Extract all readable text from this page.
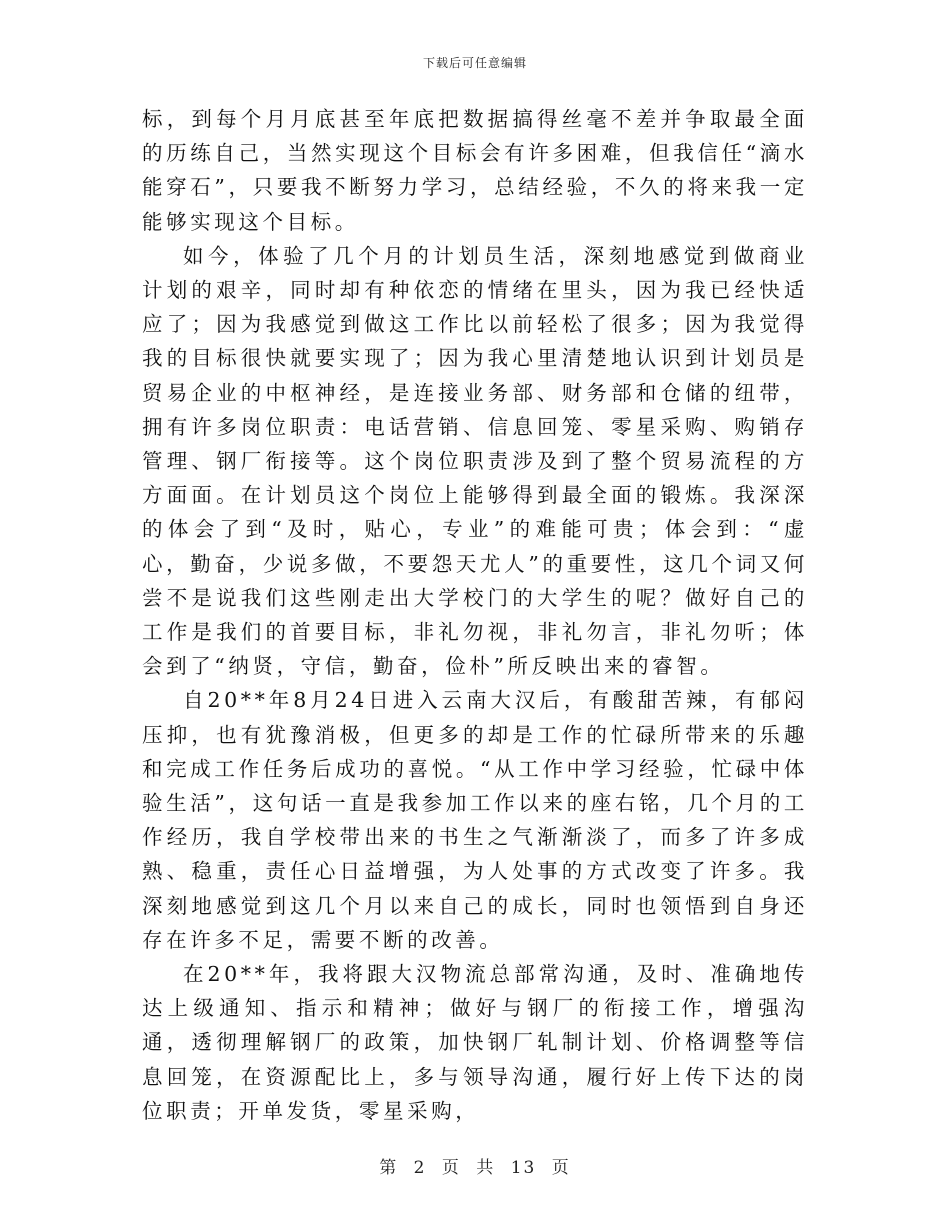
下载后可任意编辑

标，到每个月月底甚至年底把数据搞得丝毫不差并争取最全面的历练自己，当然实现这个目标会有许多困难，但我信任“滴水能穿石”，只要我不断努力学习，总结经验，不久的将来我一定能够实现这个目标。

如今，体验了几个月的计划员生活，深刻地感觉到做商业计划的艰辛，同时却有种依恋的情绪在里头，因为我已经快适应了；因为我感觉到做这工作比以前轻松了很多；因为我觉得我的目标很快就要实现了；因为我心里清楚地认识到计划员是贸易企业的中枢神经，是连接业务部、财务部和仓储的纽带，拥有许多岗位职责：电话营销、信息回笼、零星采购、购销存管理、钢厂衔接等。这个岗位职责涉及到了整个贸易流程的方方面面。在计划员这个岗位上能够得到最全面的锻炼。我深深的体会了到“及时，贴心，专业”的难能可贵；体会到：“虚心，勤奋，少说多做，不要怨天尤人”的重要性，这几个词又何尝不是说我们这些刚走出大学校门的大学生的呢？做好自己的工作是我们的首要目标，非礼勿视，非礼勿言，非礼勿听；体会到了“纳贤，守信，勤奋，俭朴”所反映出来的睿智。

自20**年8月24日进入云南大汉后，有酸甜苦辣，有郁闷压抑，也有犹豫消极，但更多的却是工作的忙碌所带来的乐趣和完成工作任务后成功的喜悦。“从工作中学习经验，忙碌中体验生活”，这句话一直是我参加工作以来的座右铭，几个月的工作经历，我自学校带出来的书生之气渐渐淡了，而多了许多成熟、稳重，责任心日益增强，为人处事的方式改变了许多。我深刻地感觉到这几个月以来自己的成长，同时也领悟到自身还存在许多不足，需要不断的改善。

在20**年，我将跟大汉物流总部常沟通，及时、准确地传达上级通知、指示和精神；做好与钢厂的衔接工作，增强沟通，透彻理解钢厂的政策，加快钢厂轧制计划、价格调整等信息回笼，在资源配比上，多与领导沟通，履行好上传下达的岗位职责；开单发货，零星采购，

第 2 页 共 13 页
